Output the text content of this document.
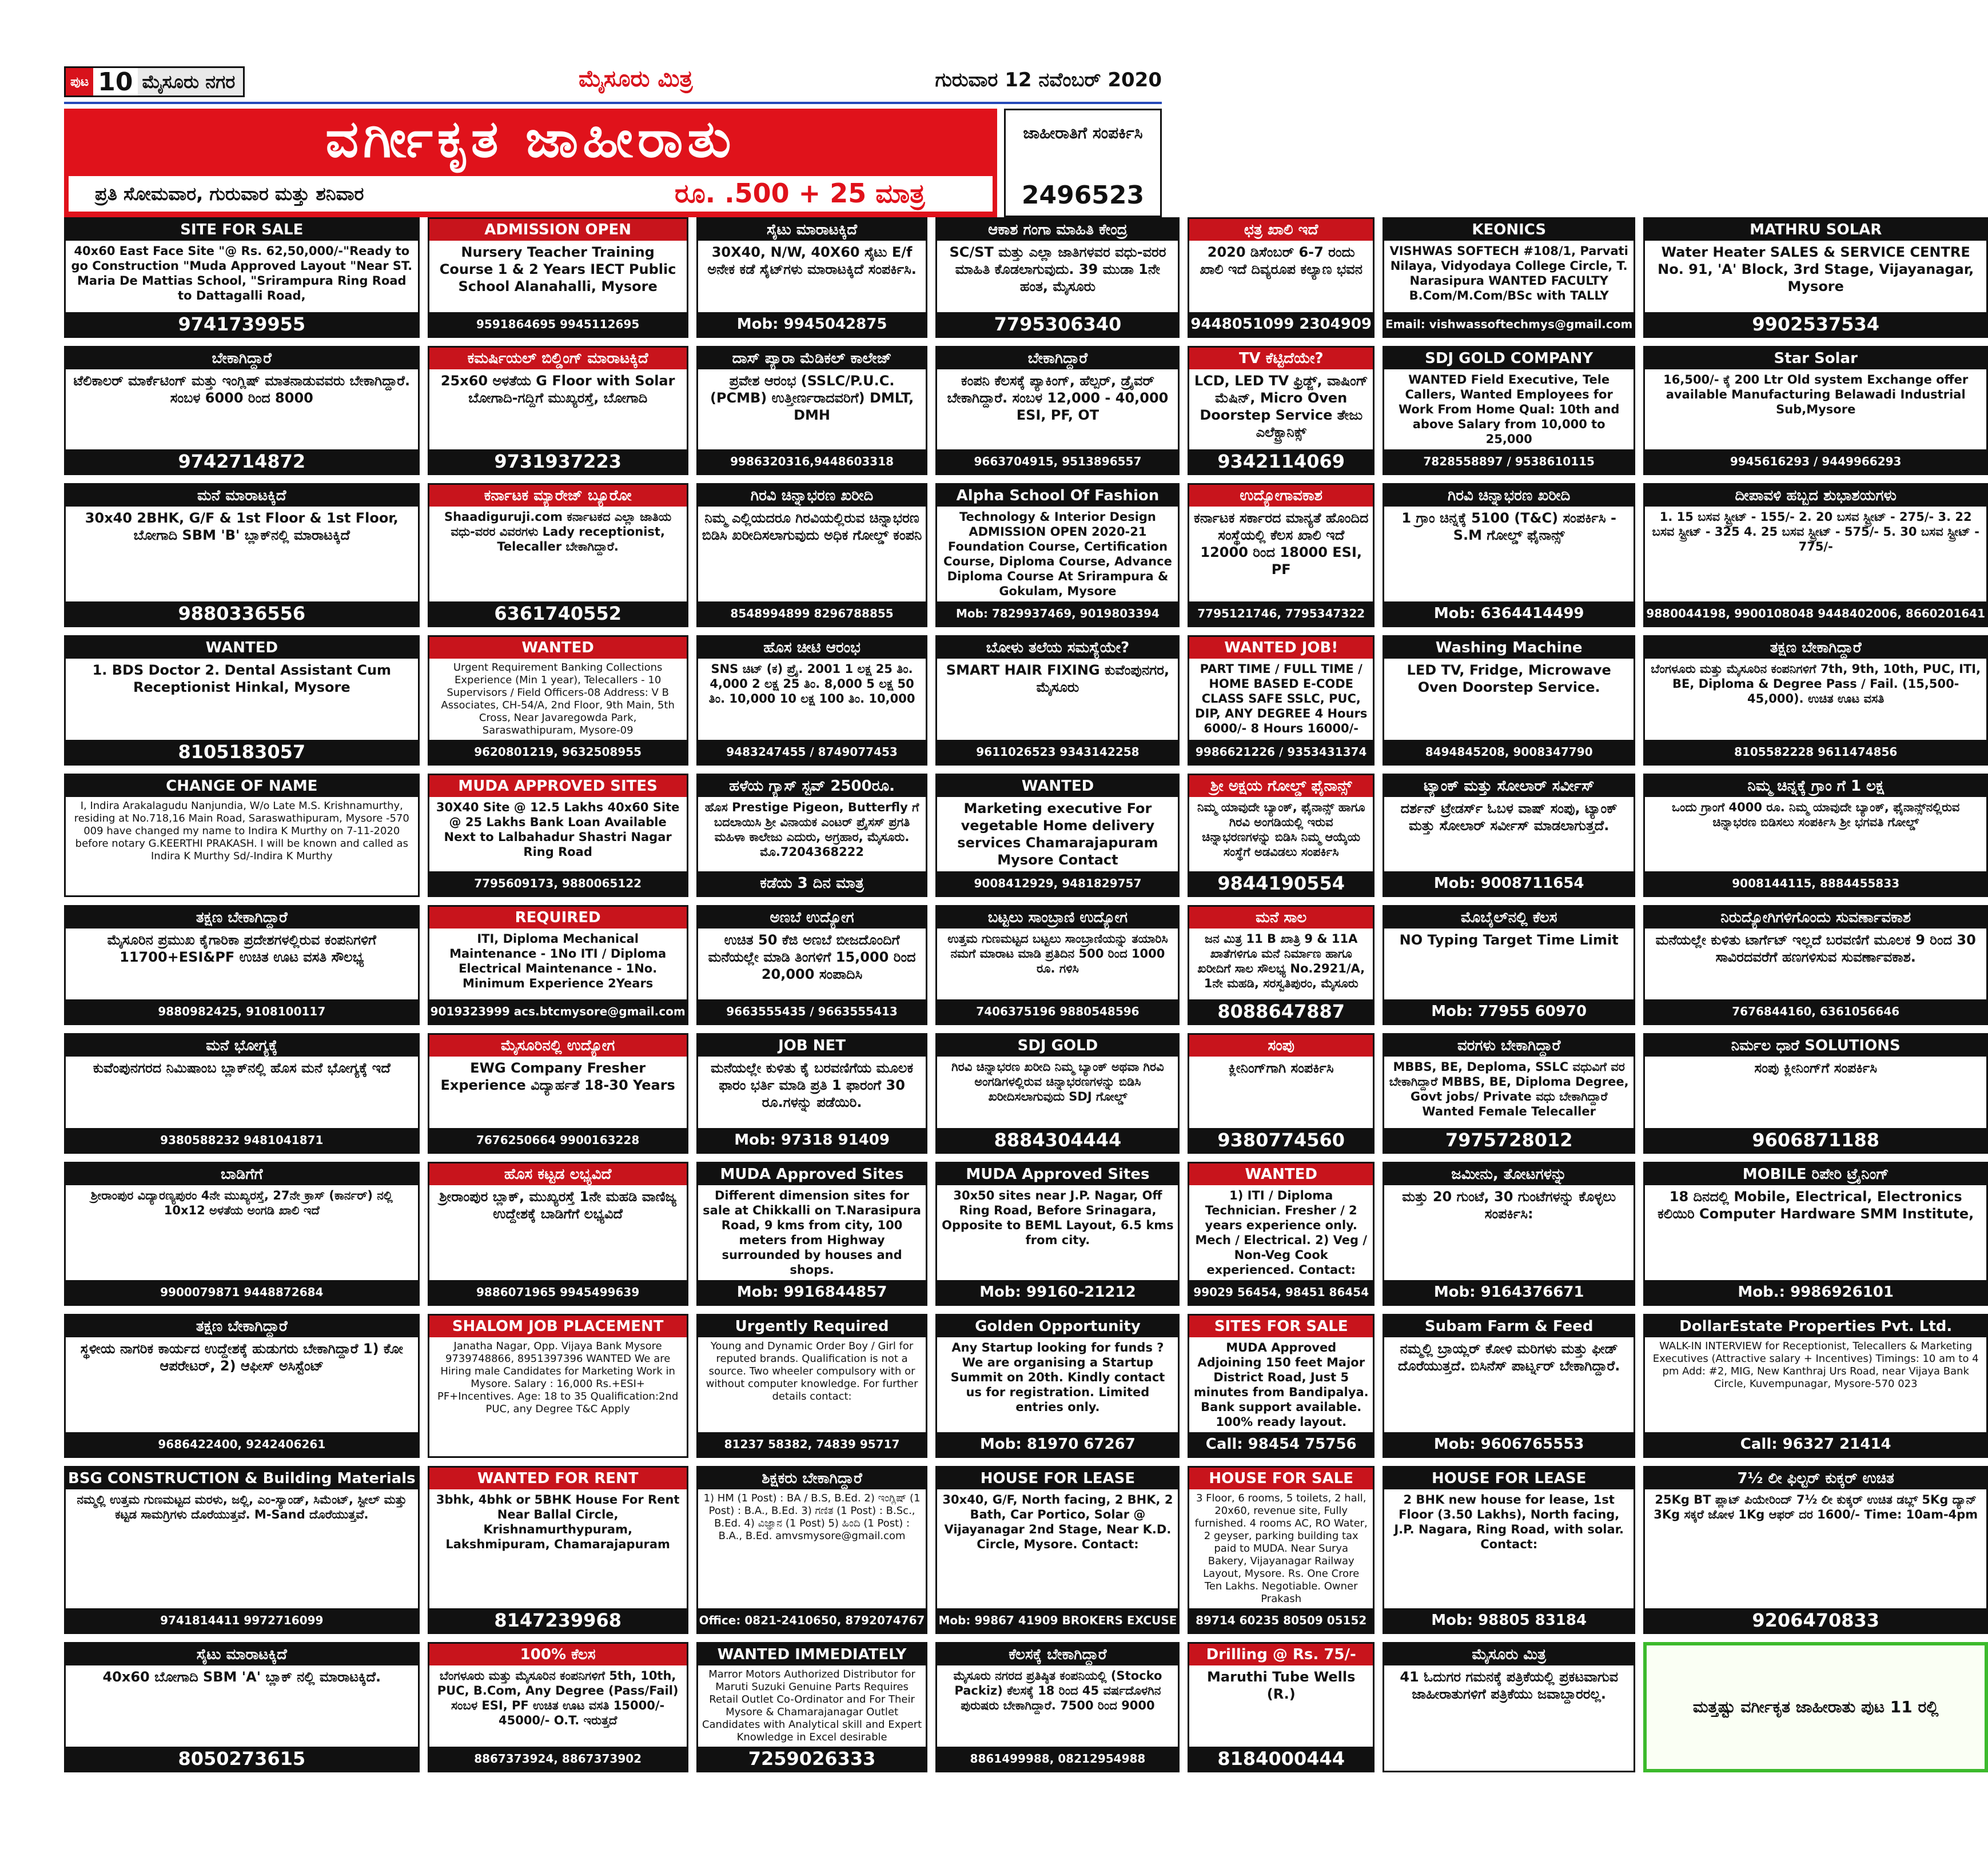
ಪುಟ 10 ಮೈಸೂರು ನಗರ	ಮೈಸೂರು ಮಿತ್ರ	ಗುರುವಾರ 12 ನವೆಂಬರ್ 2020
ವರ್ಗೀಕೃತ ಜಾಹೀರಾತು
ಪ್ರತಿ ಸೋಮವಾರ, ಗುರುವಾರ ಮತ್ತು ಶನಿವಾರ	ರೂ. .500 + 25 ಮಾತ್ರ
ಜಾಹೀರಾತಿಗೆ ಸಂಪರ್ಕಿಸಿ
2496523
SITE FOR SALE
40x60 East Face Site "@ Rs. 62,50,000/-"Ready to go Construction "Muda Approved Layout "Near ST. Maria De Mattias School, "Srirampura Ring Road to Dattagalli Road,
9741739955
ADMISSION OPEN
Nursery Teacher Training Course 1 & 2 Years IECT Public School Alanahalli, Mysore
9591864695 9945112695
ಸೈಟು ಮಾರಾಟಕ್ಕಿದೆ
30X40, N/W, 40X60 ಸೈಟು E/f ಅನೇಕ ಕಡೆ ಸೈಟ್‌ಗಳು ಮಾರಾಟಕ್ಕಿದೆ ಸಂಪರ್ಕಿಸಿ.
Mob: 9945042875
ಆಕಾಶ ಗಂಗಾ ಮಾಹಿತಿ ಕೇಂದ್ರ
SC/ST ಮತ್ತು ಎಲ್ಲಾ ಜಾತಿಗಳವರ ವಧು-ವರರ ಮಾಹಿತಿ ಕೊಡಲಾಗುವುದು. 39 ಮುಡಾ 1ನೇ ಹಂತ, ಮೈಸೂರು
7795306340
ಛತ್ರ ಖಾಲಿ ಇದೆ
2020 ಡಿಸೆಂಬರ್ 6-7 ರಂದು ಖಾಲಿ ಇದೆ ದಿವ್ಯರೂಪ ಕಲ್ಯಾಣ ಭವನ
9448051099 2304909
KEONICS
VISHWAS SOFTECH #108/1, Parvati Nilaya, Vidyodaya College Circle, T. Narasipura WANTED FACULTY B.Com/M.Com/BSc with TALLY
Email: vishwassoftechmys@gmail.com
MATHRU SOLAR
Water Heater SALES & SERVICE CENTRE No. 91, 'A' Block, 3rd Stage, Vijayanagar, Mysore
9902537534
ಬೇಕಾಗಿದ್ದಾರೆ
ಟೆಲಿಕಾಲರ್ ಮಾರ್ಕೆಟಿಂಗ್ ಮತ್ತು ಇಂಗ್ಲಿಷ್ ಮಾತನಾಡುವವರು ಬೇಕಾಗಿದ್ದಾರೆ. ಸಂಬಳ 6000 ರಿಂದ 8000
9742714872
ಕಮರ್ಷಿಯಲ್ ಬಿಲ್ಡಿಂಗ್ ಮಾರಾಟಕ್ಕಿದೆ
25x60 ಅಳತೆಯ G Floor with Solar ಬೋಗಾದಿ-ಗದ್ದಿಗೆ ಮುಖ್ಯರಸ್ತೆ, ಬೋಗಾದಿ
9731937223
ದಾಸ್ ಪ್ಯಾರಾ ಮೆಡಿಕಲ್ ಕಾಲೇಜ್
ಪ್ರವೇಶ ಆರಂಭ (SSLC/P.U.C. (PCMB) ಉತ್ತೀರ್ಣರಾದವರಿಗೆ) DMLT, DMH
9986320316,9448603318
ಬೇಕಾಗಿದ್ದಾರೆ
ಕಂಪನಿ ಕೆಲಸಕ್ಕೆ ಪ್ಯಾಕಿಂಗ್, ಹೆಲ್ಪರ್, ಡ್ರೈವರ್ ಬೇಕಾಗಿದ್ದಾರೆ. ಸಂಬಳ 12,000 - 40,000 ESI, PF, OT
9663704915, 9513896557
TV ಕೆಟ್ಟಿದೆಯೇ?
LCD, LED TV ಫ್ರಿಡ್ಜ್, ವಾಷಿಂಗ್ ಮೆಷಿನ್, Micro Oven Doorstep Service ತೇಜು ಎಲೆಕ್ಟ್ರಾನಿಕ್ಸ್
9342114069
SDJ GOLD COMPANY
WANTED Field Executive, Tele Callers, Wanted Employees for Work From Home Qual: 10th and above Salary from 10,000 to 25,000
7828558897 / 9538610115
Star Solar
16,500/- ಕ್ಕೆ 200 Ltr Old system Exchange offer available Manufacturing Belawadi Industrial Sub,Mysore
9945616293 / 9449966293
ಮನೆ ಮಾರಾಟಕ್ಕಿದೆ
30x40 2BHK, G/F & 1st Floor & 1st Floor, ಬೋಗಾದಿ SBM 'B' ಬ್ಲಾಕ್‌ನಲ್ಲಿ ಮಾರಾಟಕ್ಕಿದೆ
9880336556
ಕರ್ನಾಟಕ ಮ್ಯಾರೇಜ್ ಬ್ಯೂರೋ
Shaadiguruji.com ಕರ್ನಾಟಕದ ಎಲ್ಲಾ ಜಾತಿಯ ವಧು-ವರರ ವಿವರಗಳು Lady receptionist, Telecaller ಬೇಕಾಗಿದ್ದಾರೆ.
6361740552
ಗಿರವಿ ಚಿನ್ನಾಭರಣ ಖರೀದಿ
ನಿಮ್ಮ ಎಲ್ಲಿಯದರೂ ಗಿರವಿಯಲ್ಲಿರುವ ಚಿನ್ನಾಭರಣ ಬಿಡಿಸಿ ಖರೀದಿಸಲಾಗುವುದು ಅಧಿಕ ಗೋಲ್ಡ್ ಕಂಪನಿ
8548994899 8296788855
Alpha School Of Fashion
Technology & Interior Design ADMISSION OPEN 2020-21 Foundation Course, Certification Course, Diploma Course, Advance Diploma Course At Srirampura & Gokulam, Mysore
Mob: 7829937469, 9019803394
ಉದ್ಯೋಗಾವಕಾಶ
ಕರ್ನಾಟಕ ಸರ್ಕಾರದ ಮಾನ್ಯತೆ ಹೊಂದಿದ ಸಂಸ್ಥೆಯಲ್ಲಿ ಕೆಲಸ ಖಾಲಿ ಇದೆ 12000 ರಿಂದ 18000 ESI, PF
7795121746, 7795347322
ಗಿರವಿ ಚಿನ್ನಾಭರಣ ಖರೀದಿ
1 ಗ್ರಾಂ ಚಿನ್ನಕ್ಕೆ 5100 (T&C) ಸಂಪರ್ಕಿಸಿ - S.M ಗೋಲ್ಡ್ ಫೈನಾನ್ಸ್
Mob: 6364414499
ದೀಪಾವಳಿ ಹಬ್ಬದ ಶುಭಾಶಯಗಳು
1. 15 ಬಸವ ಸ್ಟ್ರೀಟ್ - 155/- 2. 20 ಬಸವ ಸ್ಟ್ರೀಟ್ - 275/- 3. 22 ಬಸವ ಸ್ಟ್ರೀಟ್ - 325 4. 25 ಬಸವ ಸ್ಟ್ರೀಟ್ - 575/- 5. 30 ಬಸವ ಸ್ಟ್ರೀಟ್ - 775/-
9880044198, 9900108048 9448402006, 8660201641
WANTED
1. BDS Doctor 2. Dental Assistant Cum Receptionist Hinkal, Mysore
8105183057
WANTED
Urgent Requirement Banking Collections Experience (Min 1 year), Telecallers - 10 Supervisors / Field Officers-08 Address: V B Associates, CH-54/A, 2nd Floor, 9th Main, 5th Cross, Near Javaregowda Park, Saraswathipuram, Mysore-09
9620801219, 9632508955
ಹೊಸ ಚೀಟಿ ಆರಂಭ
SNS ಚಿಟ್ (ಕ) ಪ್ರೈ. 2001 1 ಲಕ್ಷ 25 ತಿಂ. 4,000 2 ಲಕ್ಷ 25 ತಿಂ. 8,000 5 ಲಕ್ಷ 50 ತಿಂ. 10,000 10 ಲಕ್ಷ 100 ತಿಂ. 10,000
9483247455 / 8749077453
ಬೋಳು ತಲೆಯ ಸಮಸ್ಯೆಯೇ?
SMART HAIR FIXING ಕುವೆಂಪುನಗರ, ಮೈಸೂರು
9611026523 9343142258
WANTED JOB!
PART TIME / FULL TIME / HOME BASED E-CODE CLASS SAFE SSLC, PUC, DIP, ANY DEGREE 4 Hours 6000/- 8 Hours 16000/-
9986621226 / 9353431374
Washing Machine
LED TV, Fridge, Microwave Oven Doorstep Service.
8494845208, 9008347790
ತಕ್ಷಣ ಬೇಕಾಗಿದ್ದಾರೆ
ಬೆಂಗಳೂರು ಮತ್ತು ಮೈಸೂರಿನ ಕಂಪನಿಗಳಿಗೆ 7th, 9th, 10th, PUC, ITI, BE, Diploma & Degree Pass / Fail. (15,500-45,000). ಉಚಿತ ಊಟ ವಸತಿ
8105582228 9611474856
CHANGE OF NAME
I, Indira Arakalagudu Nanjundia, W/o Late M.S. Krishnamurthy, residing at No.718,16 Main Road, Saraswathipuram, Mysore -570 009 have changed my name to Indira K Murthy on 7-11-2020 before notary G.KEERTHI PRAKASH. I will be known and called as Indira K Murthy Sd/-Indira K Murthy
MUDA APPROVED SITES
30X40 Site @ 12.5 Lakhs 40x60 Site @ 25 Lakhs Bank Loan Available Next to Lalbahadur Shastri Nagar Ring Road
7795609173, 9880065122
ಹಳೆಯ ಗ್ಯಾಸ್ ಸ್ಟವ್ 2500ರೂ.
ಹೊಸ Prestige Pigeon, Butterfly ಗೆ ಬದಲಾಯಿಸಿ ಶ್ರೀ ವಿನಾಯಕ ಎಂಟರ್ ಪ್ರೈಸಸ್ ಪ್ರಗತಿ ಮಹಿಳಾ ಕಾಲೇಜು ಎದುರು, ಅಗ್ರಹಾರ, ಮೈಸೂರು. ಮೊ.7204368222
ಕಡೆಯ 3 ದಿನ ಮಾತ್ರ
WANTED
Marketing executive For vegetable Home delivery services Chamarajapuram Mysore Contact
9008412929, 9481829757
ಶ್ರೀ ಅಕ್ಷಯ ಗೋಲ್ಡ್ ಫೈನಾನ್ಸ್
ನಿಮ್ಮ ಯಾವುದೇ ಬ್ಯಾಂಕ್, ಫೈನಾನ್ಸ್ ಹಾಗೂ ಗಿರವಿ ಅಂಗಡಿಯಲ್ಲಿ ಇರುವ ಚಿನ್ನಾಭರಣಗಳನ್ನು ಬಿಡಿಸಿ ನಿಮ್ಮ ಆಯ್ಕೆಯ ಸಂಸ್ಥೆಗೆ ಅಡವಿಡಲು ಸಂಪರ್ಕಿಸಿ
9844190554
ಟ್ಯಾಂಕ್ ಮತ್ತು ಸೋಲಾರ್ ಸರ್ವೀಸ್
ದರ್ಶನ್ ಟ್ರೇಡರ್ಸ್ ಓಬಳ ವಾಷ್ ಸಂಪು, ಟ್ಯಾಂಕ್ ಮತ್ತು ಸೋಲಾರ್ ಸರ್ವೀಸ್ ಮಾಡಲಾಗುತ್ತದೆ.
Mob: 9008711654
ನಿಮ್ಮ ಚಿನ್ನಕ್ಕೆ ಗ್ರಾಂ ಗೆ 1 ಲಕ್ಷ
ಒಂದು ಗ್ರಾಂಗೆ 4000 ರೂ. ನಿಮ್ಮ ಯಾವುದೇ ಬ್ಯಾಂಕ್, ಫೈನಾನ್ಸ್‌ನಲ್ಲಿರುವ ಚಿನ್ನಾಭರಣ ಬಿಡಿಸಲು ಸಂಪರ್ಕಿಸಿ ಶ್ರೀ ಭಗವತಿ ಗೋಲ್ಡ್
9008144115, 8884455833
ತಕ್ಷಣ ಬೇಕಾಗಿದ್ದಾರೆ
ಮೈಸೂರಿನ ಪ್ರಮುಖ ಕೈಗಾರಿಕಾ ಪ್ರದೇಶಗಳಲ್ಲಿರುವ ಕಂಪನಿಗಳಿಗೆ 11700+ESI&PF ಉಚಿತ ಊಟ ವಸತಿ ಸೌಲಭ್ಯ
9880982425, 9108100117
REQUIRED
ITI, Diploma Mechanical Maintenance - 1No ITI / Diploma Electrical Maintenance - 1No. Minimum Experience 2Years
9019323999 acs.btcmysore@gmail.com
ಅಣಬೆ ಉದ್ಯೋಗ
ಉಚಿತ 50 ಕೆಜಿ ಅಣಬೆ ಬೀಜದೊಂದಿಗೆ ಮನೆಯಲ್ಲೇ ಮಾಡಿ ತಿಂಗಳಿಗೆ 15,000 ರಿಂದ 20,000 ಸಂಪಾದಿಸಿ
9663555435 / 9663555413
ಬಟ್ಟಲು ಸಾಂಬ್ರಾಣಿ ಉದ್ಯೋಗ
ಉತ್ತಮ ಗುಣಮಟ್ಟದ ಬಟ್ಟಲು ಸಾಂಬ್ರಾಣಿಯನ್ನು ತಯಾರಿಸಿ ನಮಗೆ ಮಾರಾಟ ಮಾಡಿ ಪ್ರತಿದಿನ 500 ರಿಂದ 1000 ರೂ. ಗಳಿಸಿ
7406375196 9880548596
ಮನೆ ಸಾಲ
ಜನ ಮಿತ್ರ 11 B ಖಾತ್ರಿ 9 & 11A ಖಾತೆಗಳಿಗೂ ಮನೆ ನಿರ್ಮಾಣ ಹಾಗೂ ಖರೀದಿಗೆ ಸಾಲ ಸೌಲಭ್ಯ No.2921/A, 1ನೇ ಮಹಡಿ, ಸರಸ್ವತಿಪುರಂ, ಮೈಸೂರು
8088647887
ಮೊಬೈಲ್‌ನಲ್ಲಿ ಕೆಲಸ
NO Typing Target Time Limit
Mob: 77955 60970
ನಿರುದ್ಯೋಗಿಗಳಿಗೊಂದು ಸುವರ್ಣಾವಕಾಶ
ಮನೆಯಲ್ಲೇ ಕುಳಿತು ಟಾರ್ಗೆಟ್ ಇಲ್ಲದೆ ಬರವಣಿಗೆ ಮೂಲಕ 9 ರಿಂದ 30 ಸಾವಿರದವರೆಗೆ ಹಣಗಳಿಸುವ ಸುವರ್ಣಾವಕಾಶ.
7676844160, 6361056646
ಮನೆ ಭೋಗ್ಯಕ್ಕೆ
ಕುವೆಂಪುನಗರದ ನಿಮಿಷಾಂಬ ಬ್ಲಾಕ್‌ನಲ್ಲಿ ಹೊಸ ಮನೆ ಭೋಗ್ಯಕ್ಕೆ ಇದೆ
9380588232 9481041871
ಮೈಸೂರಿನಲ್ಲಿ ಉದ್ಯೋಗ
EWG Company Fresher Experience ವಿದ್ಯಾರ್ಹತೆ 18-30 Years
7676250664 9900163228
JOB NET
ಮನೆಯಲ್ಲೇ ಕುಳಿತು ಕೈ ಬರವಣಿಗೆಯ ಮೂಲಕ ಫಾರಂ ಭರ್ತಿ ಮಾಡಿ ಪ್ರತಿ 1 ಫಾರಂಗೆ 30 ರೂ.ಗಳನ್ನು ಪಡೆಯಿರಿ.
Mob: 97318 91409
SDJ GOLD
ಗಿರವಿ ಚಿನ್ನಾಭರಣ ಖರೀದಿ ನಿಮ್ಮ ಬ್ಯಾಂಕ್ ಅಥವಾ ಗಿರವಿ ಅಂಗಡಿಗಳಲ್ಲಿರುವ ಚಿನ್ನಾಭರಣಗಳನ್ನು ಬಿಡಿಸಿ ಖರೀದಿಸಲಾಗುವುದು SDJ ಗೋಲ್ಡ್
8884304444
ಸಂಪು
ಕ್ಲೀನಿಂಗ್‌ಗಾಗಿ ಸಂಪರ್ಕಿಸಿ
9380774560
ವರಗಳು ಬೇಕಾಗಿದ್ದಾರೆ
MBBS, BE, Deploma, SSLC ವಧುವಿಗೆ ವರ ಬೇಕಾಗಿದ್ದಾರೆ MBBS, BE, Diploma Degree, Govt jobs/ Private ವಧು ಬೇಕಾಗಿದ್ದಾರೆ Wanted Female Telecaller
7975728012
ನಿರ್ಮಲ ಧಾರೆ SOLUTIONS
ಸಂಪು ಕ್ಲೀನಿಂಗ್‌ಗೆ ಸಂಪರ್ಕಿಸಿ
9606871188
ಬಾಡಿಗೆಗೆ
ಶ್ರೀರಾಂಪುರ ವಿದ್ಯಾರಣ್ಯಪುರಂ 4ನೇ ಮುಖ್ಯರಸ್ತೆ, 27ನೇ ಕ್ರಾಸ್ (ಕಾರ್ನರ್) ನಲ್ಲಿ 10x12 ಅಳತೆಯ ಅಂಗಡಿ ಖಾಲಿ ಇದೆ
9900079871 9448872684
ಹೊಸ ಕಟ್ಟಡ ಲಭ್ಯವಿದೆ
ಶ್ರೀರಾಂಪುರ ಬ್ಲಾಕ್, ಮುಖ್ಯರಸ್ತೆ 1ನೇ ಮಹಡಿ ವಾಣಿಜ್ಯ ಉದ್ದೇಶಕ್ಕೆ ಬಾಡಿಗೆಗೆ ಲಭ್ಯವಿದೆ
9886071965 9945499639
MUDA Approved Sites
Different dimension sites for sale at Chikkalli on T.Narasipura Road, 9 kms from city, 100 meters from Highway surrounded by houses and shops.
Mob: 9916844857
MUDA Approved Sites
30x50 sites near J.P. Nagar, Off Ring Road, Before Srinagara, Opposite to BEML Layout, 6.5 kms from city.
Mob: 99160-21212
WANTED
1) ITI / Diploma Technician. Fresher / 2 years experience only. Mech / Electrical. 2) Veg / Non-Veg Cook experienced. Contact:
99029 56454, 98451 86454
ಜಮೀನು, ತೋಟಗಳನ್ನು
ಮತ್ತು 20 ಗುಂಟೆ, 30 ಗುಂಟೆಗಳನ್ನು ಕೊಳ್ಳಲು ಸಂಪರ್ಕಿಸಿ:
Mob: 9164376671
MOBILE ರಿಪೇರಿ ಟ್ರೈನಿಂಗ್
18 ದಿನದಲ್ಲಿ Mobile, Electrical, Electronics ಕಲಿಯಿರಿ Computer Hardware SMM Institute,
Mob.: 9986926101
ತಕ್ಷಣ ಬೇಕಾಗಿದ್ದಾರೆ
ಸ್ಥಳೀಯ ನಾಗರಿಕ ಕಾರ್ಯದ ಉದ್ದೇಶಕ್ಕೆ ಹುಡುಗರು ಬೇಕಾಗಿದ್ದಾರೆ 1) ಕೋ ಆಪರೇಟರ್, 2) ಆಫೀಸ್ ಅಸಿಸ್ಟೆಂಟ್
9686422400, 9242406261
SHALOM JOB PLACEMENT
Janatha Nagar, Opp. Vijaya Bank Mysore 9739748866, 8951397396 WANTED We are Hiring male Candidates for Marketing Work in Mysore. Salary : 16,000 Rs.+ESI+ PF+Incentives. Age: 18 to 35 Qualification:2nd PUC, any Degree T&C Apply
Urgently Required
Young and Dynamic Order Boy / Girl for reputed brands. Qualification is not a source. Two wheeler compulsory with or without computer knowledge. For further details contact:
81237 58382, 74839 95717
Golden Opportunity
Any Startup looking for funds ? We are organising a Startup Summit on 20th. Kindly contact us for registration. Limited entries only.
Mob: 81970 67267
SITES FOR SALE
MUDA Approved Adjoining 150 feet Major District Road, Just 5 minutes from Bandipalya. Bank support available. 100% ready layout.
Call: 98454 75756
Subam Farm & Feed
ನಮ್ಮಲ್ಲಿ ಬ್ರಾಯ್ಲರ್ ಕೋಳಿ ಮರಿಗಳು ಮತ್ತು ಫೀಡ್ ದೊರೆಯುತ್ತದೆ. ಬಿಸಿನೆಸ್ ಪಾರ್ಟ್ನರ್ ಬೇಕಾಗಿದ್ದಾರೆ.
Mob: 9606765553
DollarEstate Properties Pvt. Ltd.
WALK-IN INTERVIEW for Receptionist, Telecallers & Marketing Executives (Attractive salary + Incentives) Timings: 10 am to 4 pm Add: #2, MIG, New Kanthraj Urs Road, near Vijaya Bank Circle, Kuvempunagar, Mysore-570 023
Call: 96327 21414
BSG CONSTRUCTION & Building Materials
ನಮ್ಮಲ್ಲಿ ಉತ್ತಮ ಗುಣಮಟ್ಟದ ಮರಳು, ಜಲ್ಲಿ, ಎಂ-ಸ್ಯಾಂಡ್, ಸಿಮೆಂಟ್, ಸ್ಟೀಲ್ ಮತ್ತು ಕಟ್ಟಡ ಸಾಮಗ್ರಿಗಳು ದೊರೆಯುತ್ತವೆ. M-Sand ದೊರೆಯುತ್ತವೆ.
9741814411 9972716099
WANTED FOR RENT
3bhk, 4bhk or 5BHK House For Rent Near Ballal Circle, Krishnamurthypuram, Lakshmipuram, Chamarajapuram
8147239968
ಶಿಕ್ಷಕರು ಬೇಕಾಗಿದ್ದಾರೆ
1) HM (1 Post) : BA / B.S, B.Ed. 2) ಇಂಗ್ಲಿಷ್ (1 Post) : B.A., B.Ed. 3) ಗಣಿತ (1 Post) : B.Sc., B.Ed. 4) ವಿಜ್ಞಾನ (1 Post) 5) ಹಿಂದಿ (1 Post) : B.A., B.Ed. amvsmysore@gmail.com
Office: 0821-2410650, 8792074767
HOUSE FOR LEASE
30x40, G/F, North facing, 2 BHK, 2 Bath, Car Portico, Solar @ Vijayanagar 2nd Stage, Near K.D. Circle, Mysore. Contact:
Mob: 99867 41909 BROKERS EXCUSE
HOUSE FOR SALE
3 Floor, 6 rooms, 5 toilets, 2 hall, 20x60, revenue site, Fully furnished. 4 rooms AC, RO Water, 2 geyser, parking building tax paid to MUDA. Near Surya Bakery, Vijayanagar Railway Layout, Mysore. Rs. One Crore Ten Lakhs. Negotiable. Owner Prakash
89714 60235 80509 05152
HOUSE FOR LEASE
2 BHK new house for lease, 1st Floor (3.50 Lakhs), North facing, J.P. Nagara, Ring Road, with solar. Contact:
Mob: 98805 83184
7½ ಲೀ ಫಿಲ್ಟರ್ ಕುಕ್ಕರ್ ಉಚಿತ
25Kg BT ಪ್ಲಾಟ್ ಪಿಯೇರಿಂದ್ 7½ ಲೀ ಕುಕ್ಕರ್ ಉಚಿತ ಡಬ್ಲ್ 5Kg ದ್ಯಾನ್ 3Kg ಸಕ್ಕರೆ ಜೋಳ 1Kg ಆಫರ್ ದರ 1600/- Time: 10am-4pm
9206470833
ಸೈಟು ಮಾರಾಟಕ್ಕಿದೆ
40x60 ಬೋಗಾದಿ SBM 'A' ಬ್ಲಾಕ್ ನಲ್ಲಿ ಮಾರಾಟಕ್ಕಿದೆ.
8050273615
100% ಕೆಲಸ
ಬೆಂಗಳೂರು ಮತ್ತು ಮೈಸೂರಿನ ಕಂಪನಿಗಳಿಗೆ 5th, 10th, PUC, B.Com, Any Degree (Pass/Fail) ಸಂಬಳ ESI, PF ಉಚಿತ ಊಟ ವಸತಿ 15000/- 45000/- O.T. ಇರುತ್ತದೆ
8867373924, 8867373902
WANTED IMMEDIATELY
Marror Motors Authorized Distributor for Maruti Suzuki Genuine Parts Requires Retail Outlet Co-Ordinator and For Their Mysore & Chamarajanagar Outlet Candidates with Analytical skill and Expert Knowledge in Excel desirable
7259026333
ಕೆಲಸಕ್ಕೆ ಬೇಕಾಗಿದ್ದಾರೆ
ಮೈಸೂರು ನಗರದ ಪ್ರತಿಷ್ಠಿತ ಕಂಪನಿಯಲ್ಲಿ (Stocko Packiz) ಕೆಲಸಕ್ಕೆ 18 ರಿಂದ 45 ವರ್ಷದೊಳಗಿನ ಪುರುಷರು ಬೇಕಾಗಿದ್ದಾರೆ. 7500 ರಿಂದ 9000
8861499988, 08212954988
Drilling @ Rs. 75/-
Maruthi Tube Wells (R.)
8184000444
ಮೈಸೂರು ಮಿತ್ರ
41 ಓದುಗರ ಗಮನಕ್ಕೆ ಪತ್ರಿಕೆಯಲ್ಲಿ ಪ್ರಕಟವಾಗುವ ಜಾಹೀರಾತುಗಳಿಗೆ ಪತ್ರಿಕೆಯು ಜವಾಬ್ದಾರರಲ್ಲ.
ಮತ್ತಷ್ಟು ವರ್ಗೀಕೃತ ಜಾಹೀರಾತು ಪುಟ 11 ರಲ್ಲಿ
